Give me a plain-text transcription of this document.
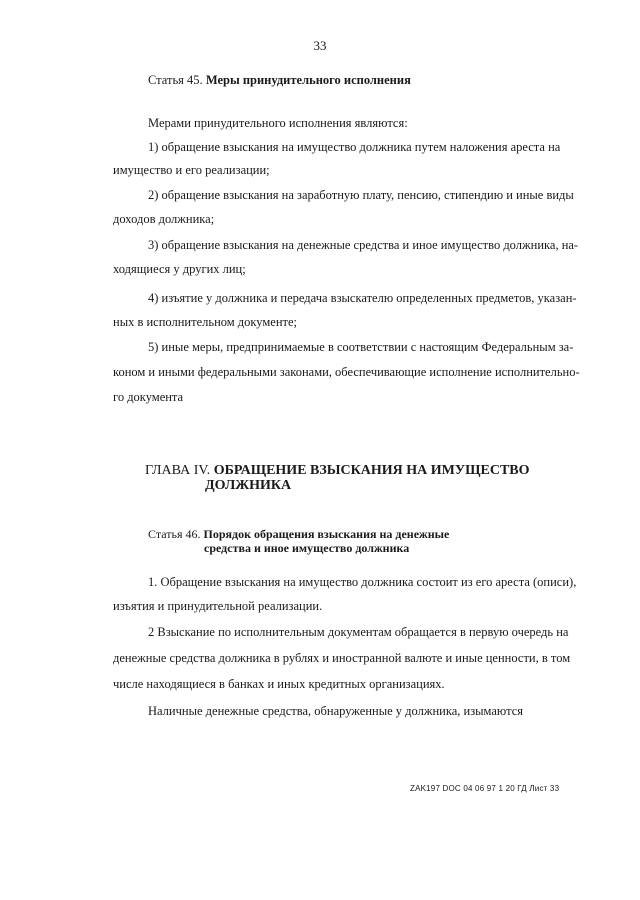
33
Статья 45. Меры принудительного исполнения
Мерами принудительного исполнения являются:
1) обращение взыскания на имущество должника путем наложения ареста на
имущество и его реализации;
2) обращение взыскания на заработную плату, пенсию, стипендию и иные виды
доходов должника;
3) обращение взыскания на денежные средства и иное имущество должника, на-
ходящиеся у других лиц;
4) изъятие у должника и передача взыскателю определенных предметов, указан-
ных в исполнительном документе;
5) иные меры, предпринимаемые в соответствии с настоящим Федеральным за-
коном и иными федеральными законами, обеспечивающие исполнение исполнительно-
го документа
ГЛАВА IV. ОБРАЩЕНИЕ ВЗЫСКАНИЯ НА ИМУЩЕСТВО
ДОЛЖНИКА
Статья 46. Порядок обращения взыскания на денежные
средства и иное имущество должника
1. Обращение взыскания на имущество должника состоит из его ареста (описи),
изъятия и принудительной реализации.
2 Взыскание по исполнительным документам обращается в первую очередь на
денежные средства должника в рублях и иностранной валюте и иные ценности, в том
числе находящиеся в банках и иных кредитных организациях.
Наличные денежные средства, обнаруженные у должника, изымаются
ZAK197 DOC 04 06 97 1 20 ГД Лист 33
